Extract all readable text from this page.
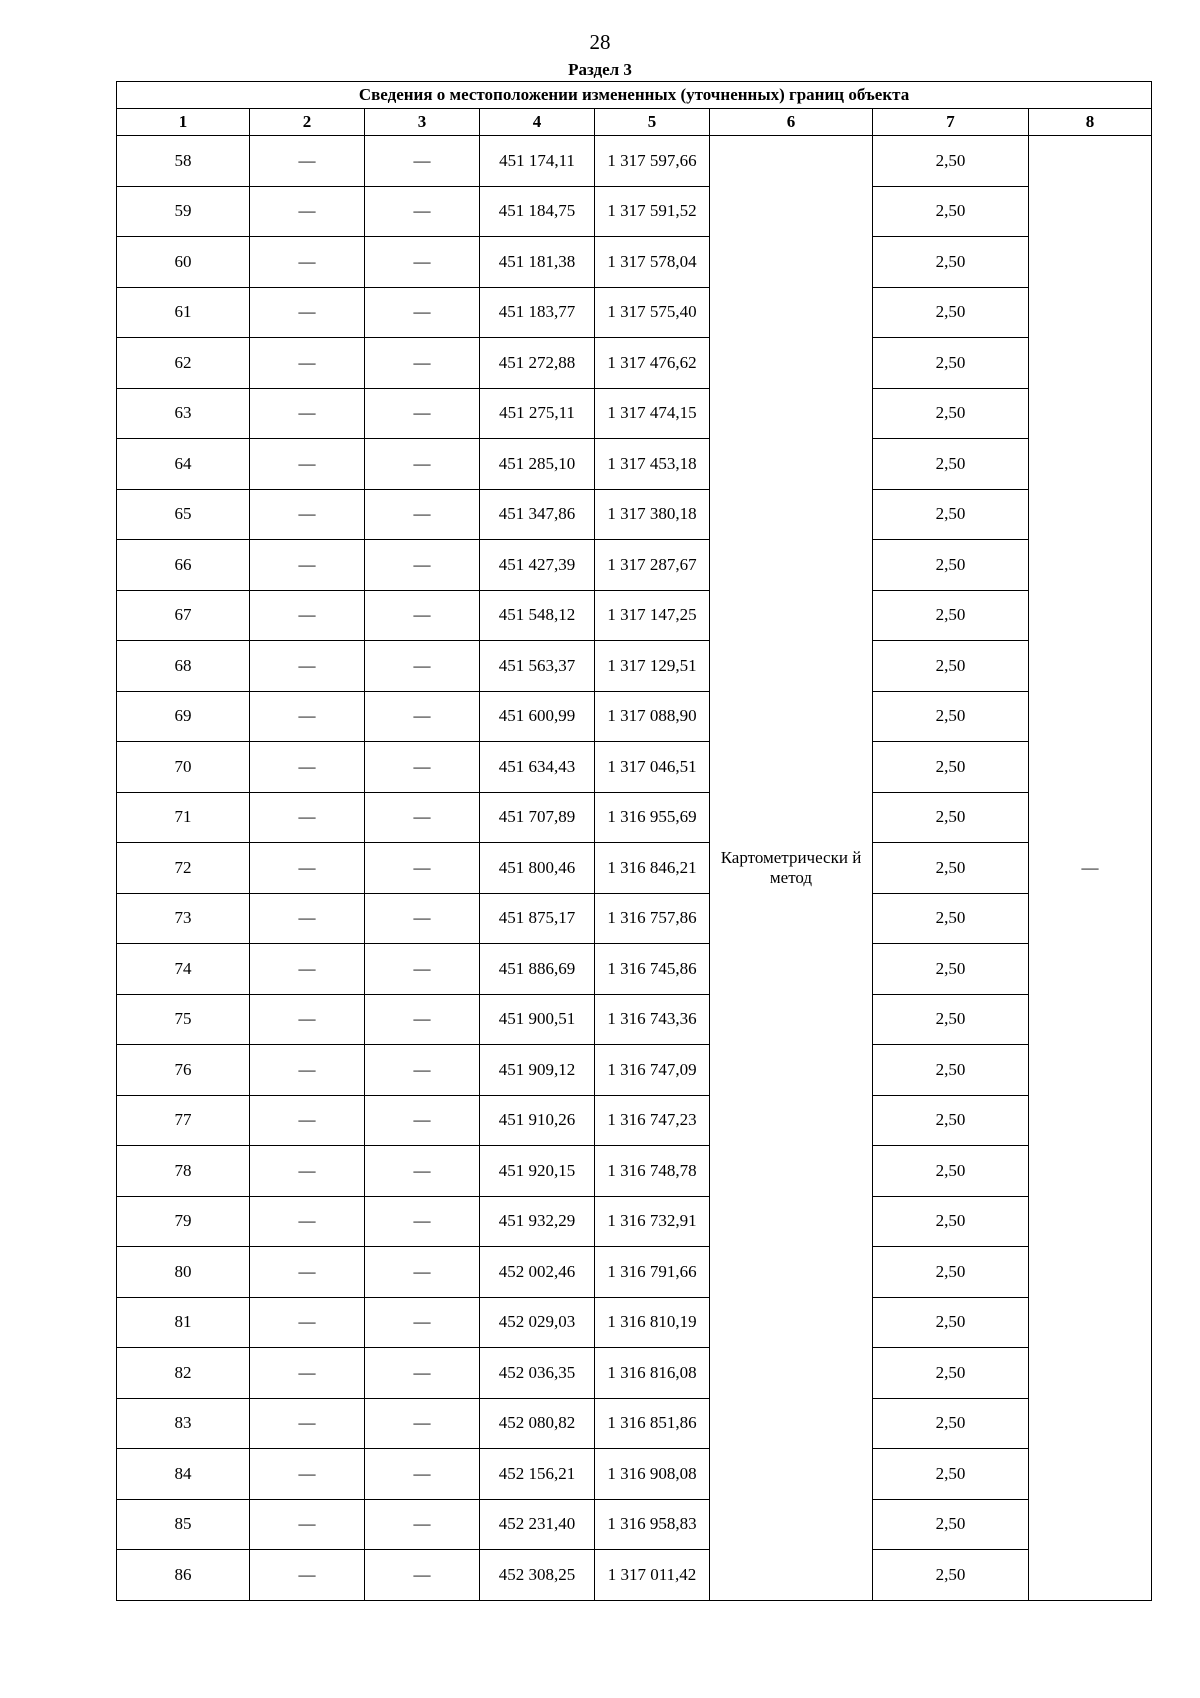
28
Раздел 3
Сведения о местоположении измененных (уточненных) границ объекта							
1	2	3	4	5	6	7	8
58	—	—	451 174,11	1 317 597,66	Картометрически й метод	2,50	—
59	—	—	451 184,75	1 317 591,52		2,50	
60	—	—	451 181,38	1 317 578,04		2,50	
61	—	—	451 183,77	1 317 575,40		2,50	
62	—	—	451 272,88	1 317 476,62		2,50	
63	—	—	451 275,11	1 317 474,15		2,50	
64	—	—	451 285,10	1 317 453,18		2,50	
65	—	—	451 347,86	1 317 380,18		2,50	
66	—	—	451 427,39	1 317 287,67		2,50	
67	—	—	451 548,12	1 317 147,25		2,50	
68	—	—	451 563,37	1 317 129,51		2,50	
69	—	—	451 600,99	1 317 088,90		2,50	
70	—	—	451 634,43	1 317 046,51		2,50	
71	—	—	451 707,89	1 316 955,69		2,50	
72	—	—	451 800,46	1 316 846,21		2,50	
73	—	—	451 875,17	1 316 757,86		2,50	
74	—	—	451 886,69	1 316 745,86		2,50	
75	—	—	451 900,51	1 316 743,36		2,50	
76	—	—	451 909,12	1 316 747,09		2,50	
77	—	—	451 910,26	1 316 747,23		2,50	
78	—	—	451 920,15	1 316 748,78		2,50	
79	—	—	451 932,29	1 316 732,91		2,50	
80	—	—	452 002,46	1 316 791,66		2,50	
81	—	—	452 029,03	1 316 810,19		2,50	
82	—	—	452 036,35	1 316 816,08		2,50	
83	—	—	452 080,82	1 316 851,86		2,50	
84	—	—	452 156,21	1 316 908,08		2,50	
85	—	—	452 231,40	1 316 958,83		2,50	
86	—	—	452 308,25	1 317 011,42		2,50	
